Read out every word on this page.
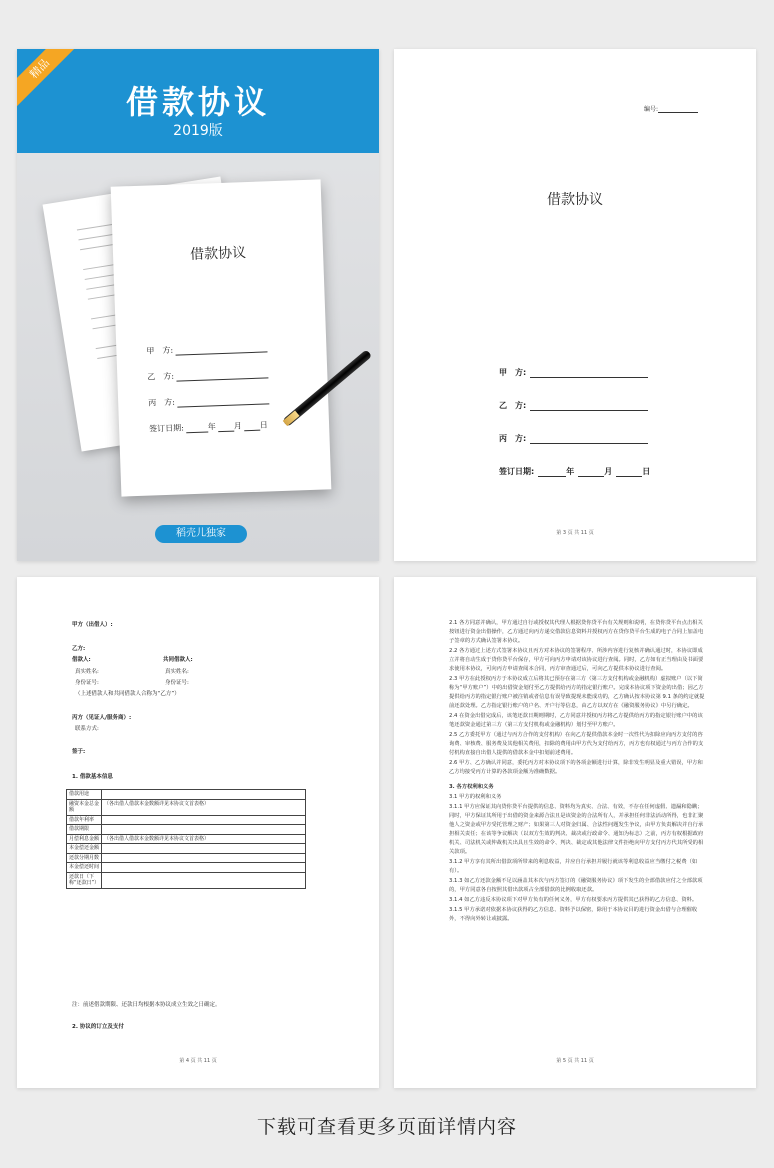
精品
借款协议
2019版
借款协议
甲　方:
乙　方:
丙　方:
签订日期:	年 月 日
稻壳儿独家
编号:
借款协议
甲　方:
乙　方:
丙　方:
签订日期:	年	月	日
第 3 页 共 11 页
甲方（出借人）:
乙方:
借款人:	共同借款人:
真实姓名:	真实姓名:
身份证号:	身份证号:
（上述借款人和共同借款人合称为“乙方”）
丙方（见证人/服务商）:
联系方式:
签于:
1. 借款基本信息
借款用途	
融资本金总金额	（各出借人借款本金数额详见本协议文首表格）
借款年利率	
借款期限	
月偿利息金额	（各出借人借款本金数额详见本协议文首表格）
本金偿还金额	
还款分期月数	
本金偿还时间	
还款日（下称“还款日”）	
注：前述借款期限、还款日均根据本协议成立生效之日确定。
2. 协议的订立及支付
第 4 页 共 11 页

2.1 各方同意并确认，甲方通过自行或授权其代理人根据贷你贷平台有关规则和说明，在贷你贷平台点击相关按钮进行资金出借操作，乙方通过向丙方递交借款信息资料并授权丙方在贷你贷平台生成的电子合同上加盖电子签章的方式确认签署本协议。

2.2 各方通过上述方式签署本协议且丙方对本协议的签署程序、所涉内容进行复核并确认通过时，本协议即成立并将自动生成于贷你贷平台保存，甲方可向丙方申请对该协议进行查阅。同时，乙方如有正当理由及书面要求使用本协议，可向丙方申请查阅本合同，丙方审查通过后，可向乙方提供本协议进行查阅。

2.3 甲方在此授权丙方于本协议成立后将其已预存在第三方（第三方支付机构或金融机构）虚拟账户（以下简称为“甲方账户”）中的出借资金划付至乙方提供给丙方的指定银行账户。完成本协议项下资金的出借；因乙方提供给丙方的指定银行账户被注销或者信息有误导致提现未能成功的，乙方确认按本协议第 9.1 条的约定就提前还款处理。乙方指定银行账户的户名、开户行等信息，由乙方以双方在《融资服务协议》中另行确定。

2.4 在资金出借完成后，该笔还款日期则期时，乙方同意并授权丙方将乙方提供给丙方的指定银行账户中的该笔还款资金通过第三方（第三方支付机构或金融机构）划付至甲方账户。

2.5 乙方委托甲方（通过与丙方合作的支付机构）在向乙方提供借款本金时一次性代为扣除应向丙方支付的咨询费、审核费、服务费及其他相关费用，扣除的费用由甲方代为支付给丙方，丙方也有权通过与丙方合作的支付机构直接自出借人提供的借款本金中扣划前述费用。

2.6 甲方、乙方确认并同意，委托丙方对本协议项下的各项金额进行计算，除非发生明显及重大错误，甲方和乙方均接受丙方计算的各款项金额为准确数据。

3. 各方权利和义务

3.1 甲方的权利和义务

3.1.1 甲方应保证其向贷你贷平台提供的信息、资料均为真实、合法、有效，不存在任何虚假、遗漏和隐瞒；同时，甲方保证其所用于出借的资金来源合法且是该资金的合法所有人，并承担任何非法活动所得，也非汇聚他人之资金或甲方受托管理之财产；如果第三人对资金归属、合法性问题发生争议，由甲方负责解决并自行承担相关责任；在该等争议解决（以双方生效的判决、裁决或行政命令、通知为标志）之前，丙方有权根据政府机关、司法机关或仲裁机关出具且生效的命令、判决、裁定或其他法律文件拒绝向甲方支付丙方代其所受的相关款项。

3.1.2 甲方享有其所出借款项所带来的利息收益，并应自行承担并履行就该等利息收益应当缴付之税费（如有）。

3.1.3 如乙方还款金额不足以涵盖其本次与丙方签订的《融资服务协议》项下发生的全部借款应付之全部款项的，甲方同意各自按照其借出款项占全部借款的比例收取还款。

3.1.4 如乙方违反本协议项下对甲方负有的任何义务，甲方有权要求丙方提供其已获得的乙方信息、资料。

3.1.5 甲方承诺对依据本协议获得的乙方信息、资料予以保密，除用于本协议目的进行资金出借与合理催收外，不得向外转让或披露。

第 5 页 共 11 页
下载可查看更多页面详情内容
